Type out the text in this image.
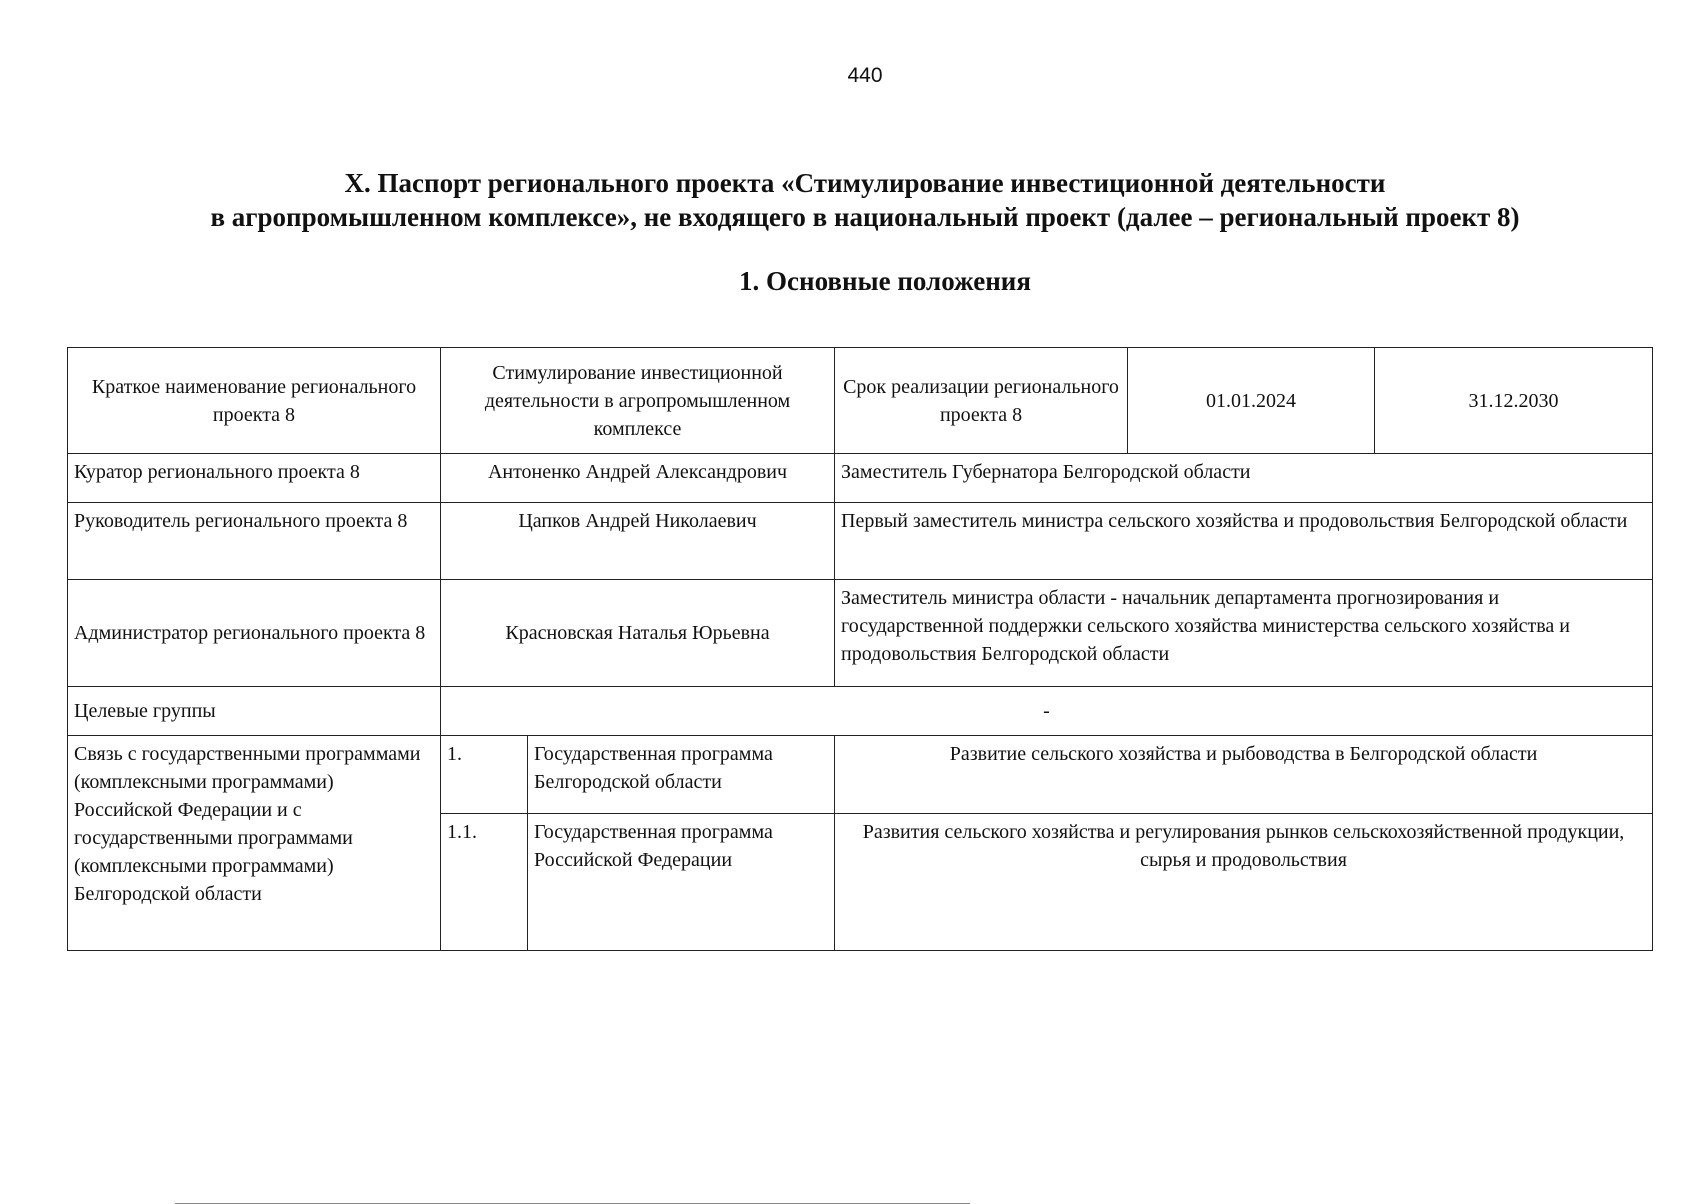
440
X. Паспорт регионального проекта «Стимулирование инвестиционной деятельности
в агропромышленном комплексе», не входящего в национальный проект (далее – региональный проект 8)
1. Основные положения
Краткое наименование регионального проекта 8	Стимулирование инвестиционной деятельности в агропромышленном комплексе		Срок реализации регионального проекта 8	01.01.2024	31.12.2030
Куратор регионального проекта 8	Антоненко Андрей Александрович		Заместитель Губернатора Белгородской области		
Руководитель регионального проекта 8	Цапков Андрей Николаевич		Первый заместитель министра сельского хозяйства и продовольствия Белгородской области		
Администратор регионального проекта 8	Красновская Наталья Юрьевна		Заместитель министра области - начальник департамента прогнозирования и государственной поддержки сельского хозяйства министерства сельского хозяйства и продовольствия Белгородской области		
Целевые группы	-				
Связь с государственными программами (комплексными программами) Российской Федерации и с государственными программами (комплексными программами) Белгородской области	1.	Государственная программа Белгородской области	Развитие сельского хозяйства и рыбоводства в Белгородской области		
	1.1.	Государственная программа Российской Федерации	Развития сельского хозяйства и регулирования рынков сельскохозяйственной продукции, сырья и продовольствия		
